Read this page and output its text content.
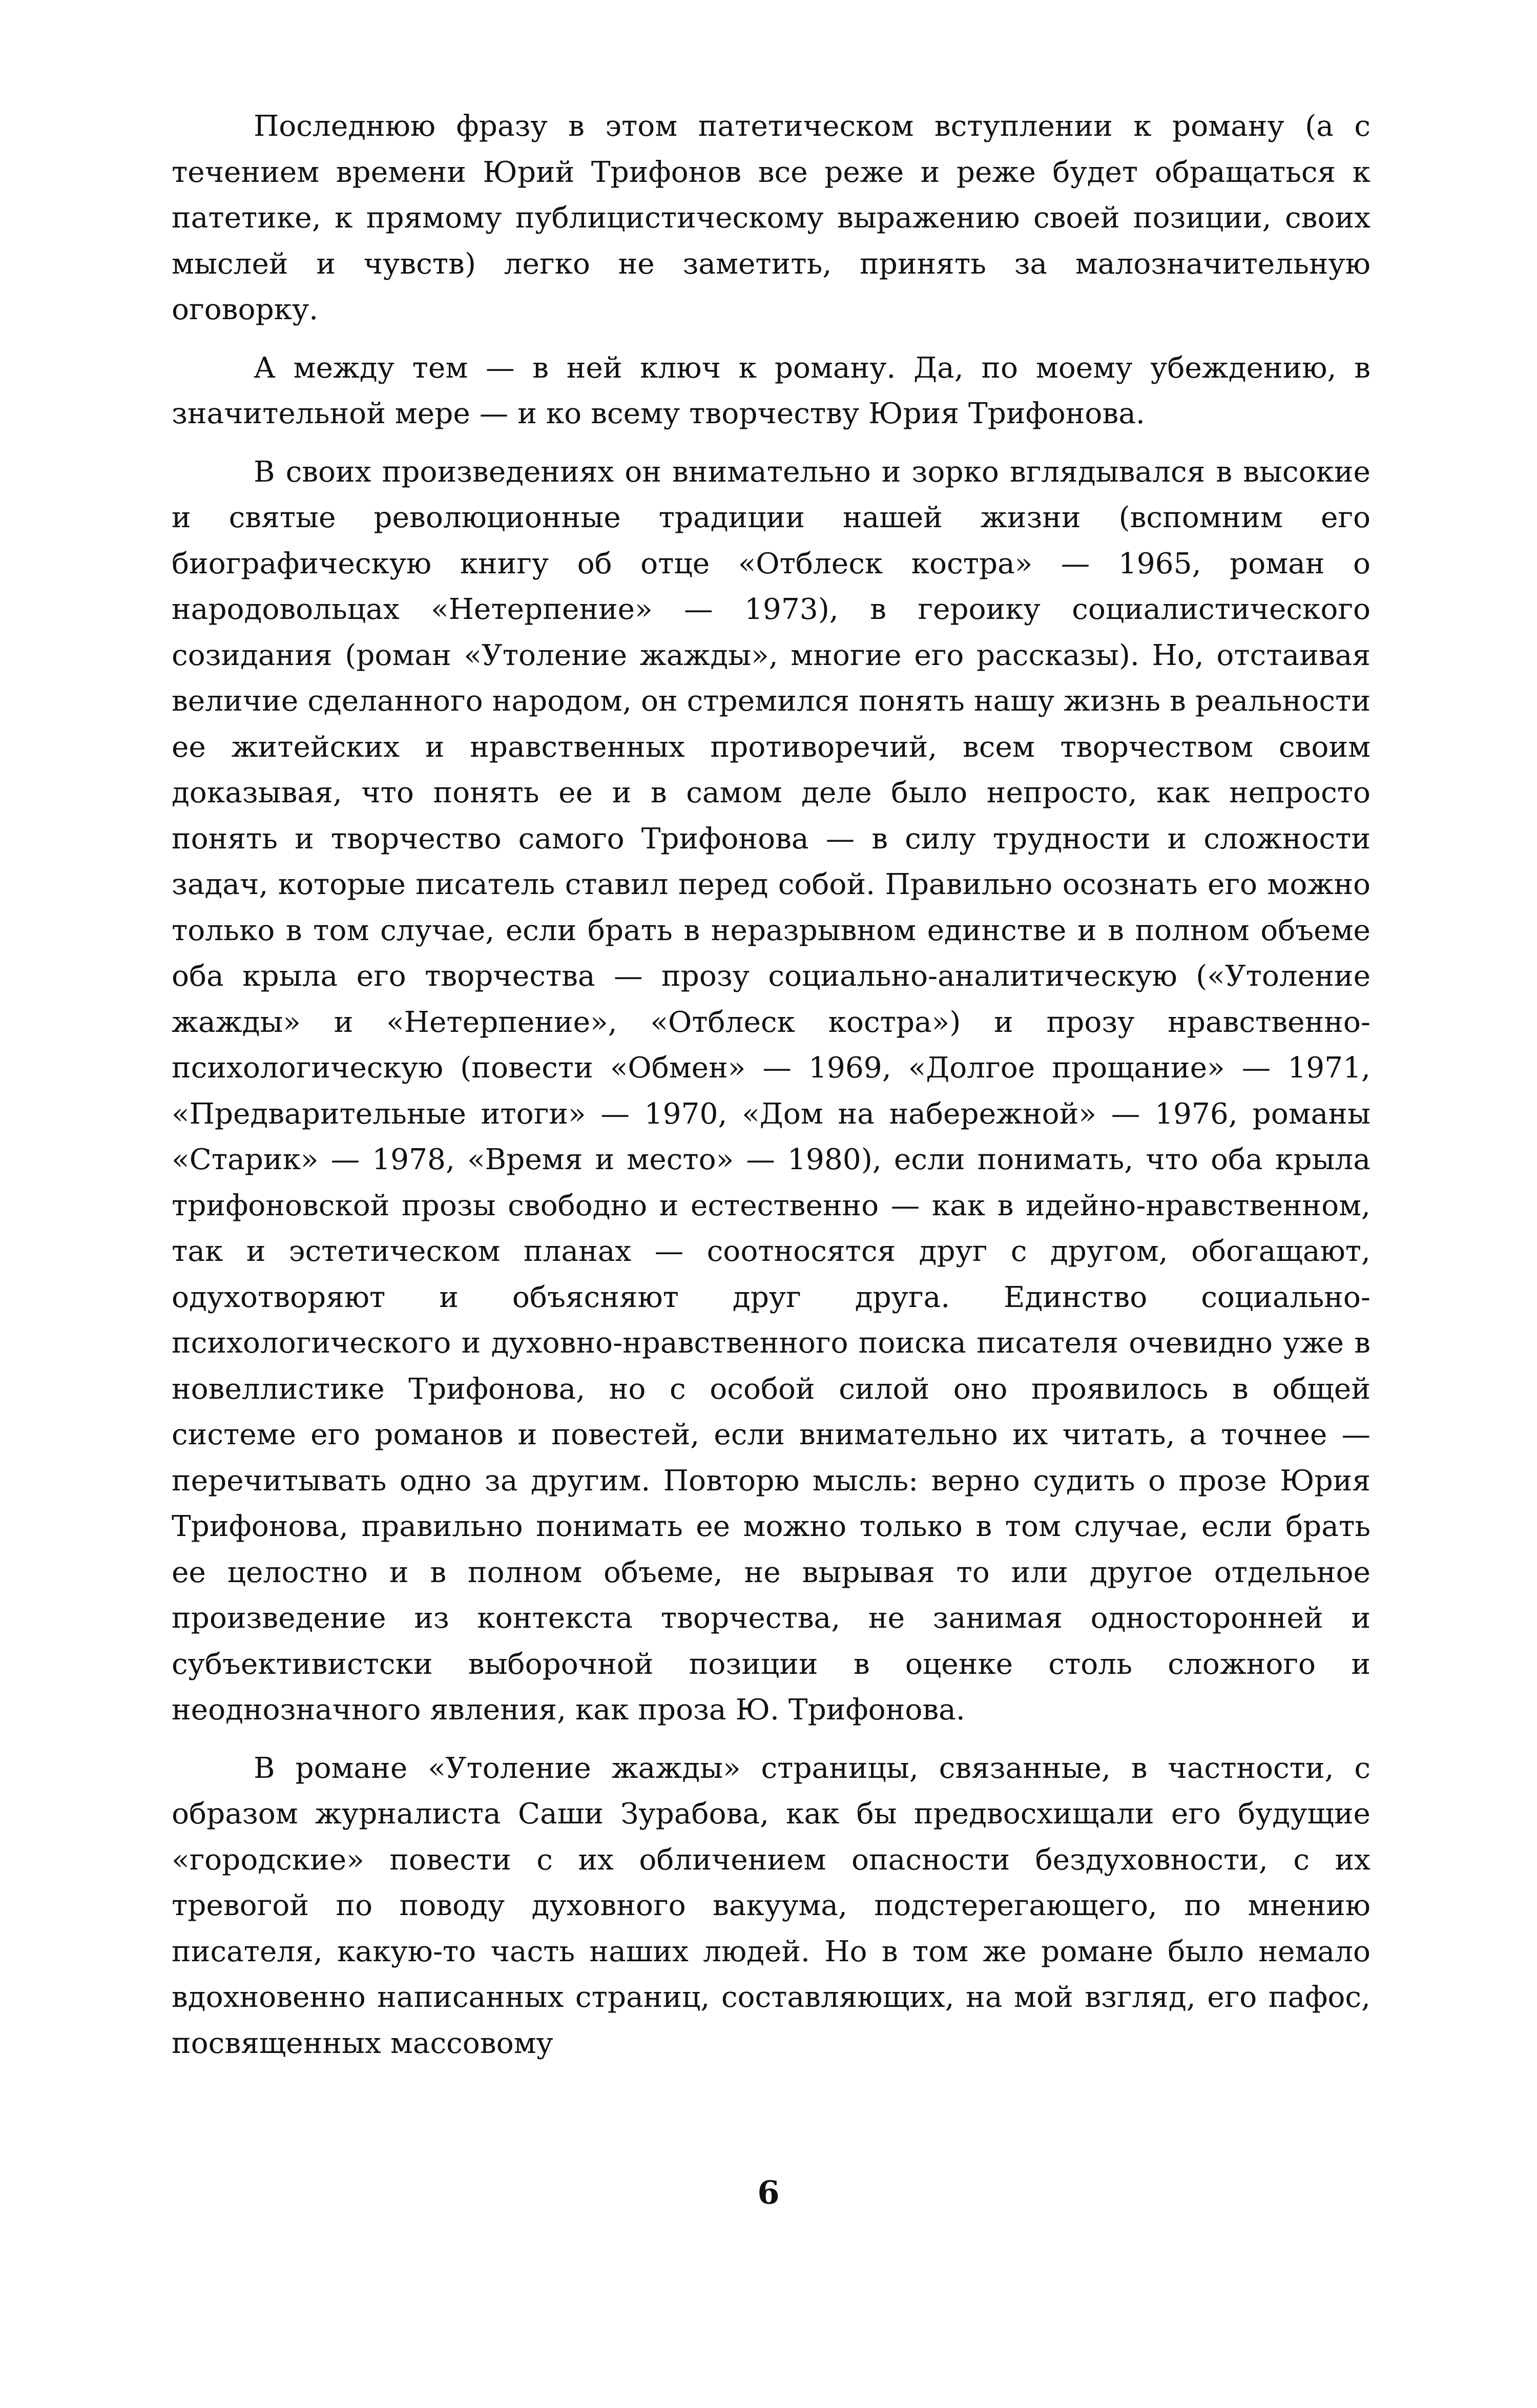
Последнюю фразу в этом патетическом вступлении к роману (а с течением времени Юрий Трифонов все реже и реже будет обращаться к патетике, к прямому публицистическому выражению своей позиции, своих мыслей и чувств) легко не заметить, принять за малозначительную оговорку.

А между тем — в ней ключ к роману. Да, по моему убеждению, в значительной мере — и ко всему творчеству Юрия Трифонова.

В своих произведениях он внимательно и зорко вглядывался в высокие и святые революционные традиции нашей жизни (вспомним его биографическую книгу об отце «Отблеск костра» — 1965, роман о народовольцах «Нетерпение» — 1973), в героику социалистического созидания (роман «Утоление жажды», многие его рассказы). Но, отстаивая величие сделанного народом, он стремился понять нашу жизнь в реальности ее житейских и нравственных противоречий, всем творчеством своим доказывая, что понять ее и в самом деле было непросто, как непросто понять и творчество самого Трифонова — в силу трудности и сложности задач, которые писатель ставил перед собой. Правильно осознать его можно только в том случае, если брать в неразрывном единстве и в полном объеме оба крыла его творчества — прозу социально-аналитическую («Утоление жажды» и «Нетерпение», «Отблеск костра») и прозу нравственно-психологическую (повести «Обмен» — 1969, «Долгое прощание» — 1971, «Предварительные итоги» — 1970, «Дом на набережной» — 1976, романы «Старик» — 1978, «Время и место» — 1980), если понимать, что оба крыла трифоновской прозы свободно и естественно — как в идейно-нравственном, так и эстетическом планах — соотносятся друг с другом, обогащают, одухотворяют и объясняют друг друга. Единство социально-психологического и духовно-нравственного поиска писателя очевидно уже в новеллистике Трифонова, но с особой силой оно проявилось в общей системе его романов и повестей, если внимательно их читать, а точнее — перечитывать одно за другим. Повторю мысль: верно судить о прозе Юрия Трифонова, правильно понимать ее можно только в том случае, если брать ее целостно и в полном объеме, не вырывая то или другое отдельное произведение из контекста творчества, не занимая односторонней и субъективистски выборочной позиции в оценке столь сложного и неоднозначного явления, как проза Ю. Трифонова.

В романе «Утоление жажды» страницы, связанные, в частности, с образом журналиста Саши Зурабова, как бы предвосхищали его будущие «городские» повести с их обличением опасности бездуховности, с их тревогой по поводу духовного вакуума, подстерегающего, по мнению писателя, какую-то часть наших людей. Но в том же романе было немало вдохновенно написанных страниц, составляющих, на мой взгляд, его пафос, посвященных массовому

6
